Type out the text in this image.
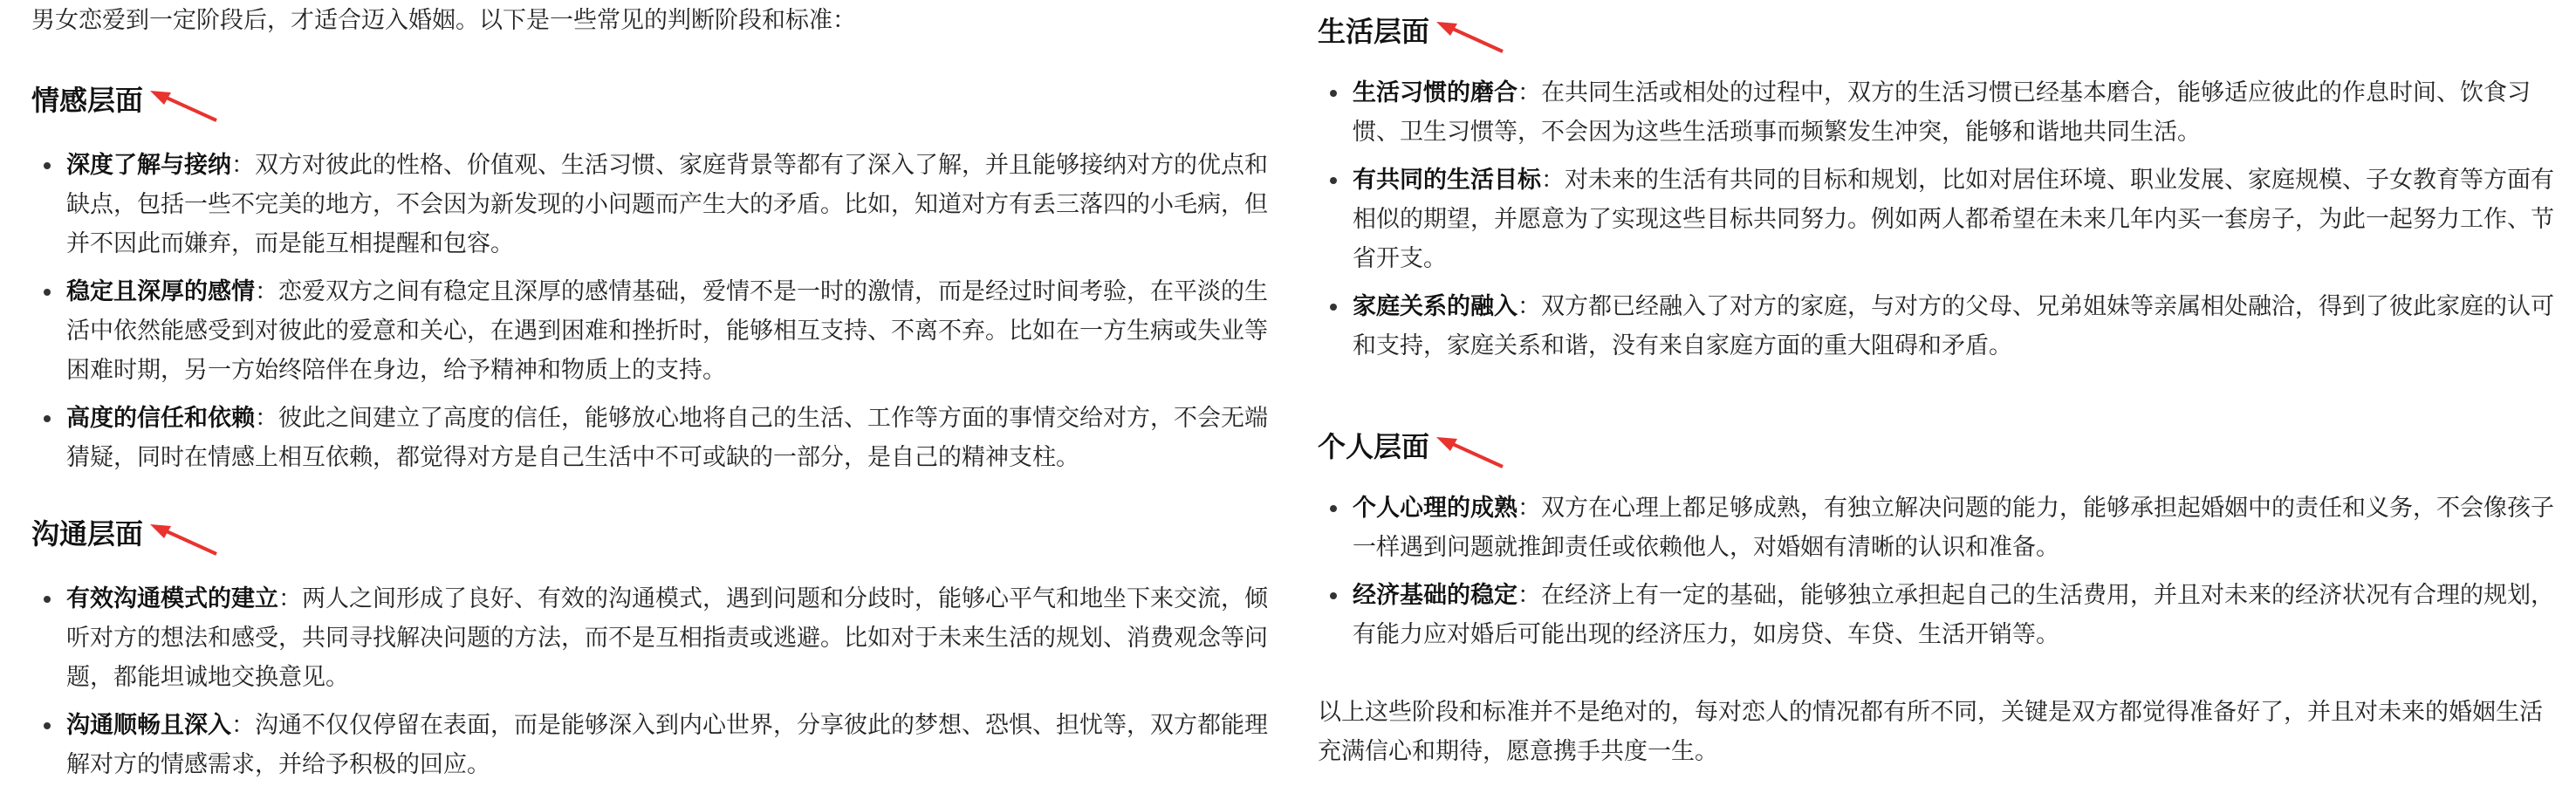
男女恋爱到一定阶段后，才适合迈入婚姻。以下是一些常见的判断阶段和标准：

情感层面
深度了解与接纳：双方对彼此的性格、价值观、生活习惯、家庭背景等都有了深入了解，并且能够接纳对方的优点和缺点，包括一些不完美的地方，不会因为新发现的小问题而产生大的矛盾。比如，知道对方有丢三落四的小毛病，但并不因此而嫌弃，而是能互相提醒和包容。
稳定且深厚的感情：恋爱双方之间有稳定且深厚的感情基础，爱情不是一时的激情，而是经过时间考验，在平淡的生活中依然能感受到对彼此的爱意和关心，在遇到困难和挫折时，能够相互支持、不离不弃。比如在一方生病或失业等困难时期，另一方始终陪伴在身边，给予精神和物质上的支持。
高度的信任和依赖：彼此之间建立了高度的信任，能够放心地将自己的生活、工作等方面的事情交给对方，不会无端猜疑，同时在情感上相互依赖，都觉得对方是自己生活中不可或缺的一部分，是自己的精神支柱。
沟通层面
有效沟通模式的建立：两人之间形成了良好、有效的沟通模式，遇到问题和分歧时，能够心平气和地坐下来交流，倾听对方的想法和感受，共同寻找解决问题的方法，而不是互相指责或逃避。比如对于未来生活的规划、消费观念等问题，都能坦诚地交换意见。
沟通顺畅且深入：沟通不仅仅停留在表面，而是能够深入到内心世界，分享彼此的梦想、恐惧、担忧等，双方都能理解对方的情感需求，并给予积极的回应。
生活层面
生活习惯的磨合：在共同生活或相处的过程中，双方的生活习惯已经基本磨合，能够适应彼此的作息时间、饮食习惯、卫生习惯等，不会因为这些生活琐事而频繁发生冲突，能够和谐地共同生活。
有共同的生活目标：对未来的生活有共同的目标和规划，比如对居住环境、职业发展、家庭规模、子女教育等方面有相似的期望，并愿意为了实现这些目标共同努力。例如两人都希望在未来几年内买一套房子，为此一起努力工作、节省开支。
家庭关系的融入：双方都已经融入了对方的家庭，与对方的父母、兄弟姐妹等亲属相处融洽，得到了彼此家庭的认可和支持，家庭关系和谐，没有来自家庭方面的重大阻碍和矛盾。
个人层面
个人心理的成熟：双方在心理上都足够成熟，有独立解决问题的能力，能够承担起婚姻中的责任和义务，不会像孩子一样遇到问题就推卸责任或依赖他人，对婚姻有清晰的认识和准备。
经济基础的稳定：在经济上有一定的基础，能够独立承担起自己的生活费用，并且对未来的经济状况有合理的规划，有能力应对婚后可能出现的经济压力，如房贷、车贷、生活开销等。

以上这些阶段和标准并不是绝对的，每对恋人的情况都有所不同，关键是双方都觉得准备好了，并且对未来的婚姻生活充满信心和期待，愿意携手共度一生。
